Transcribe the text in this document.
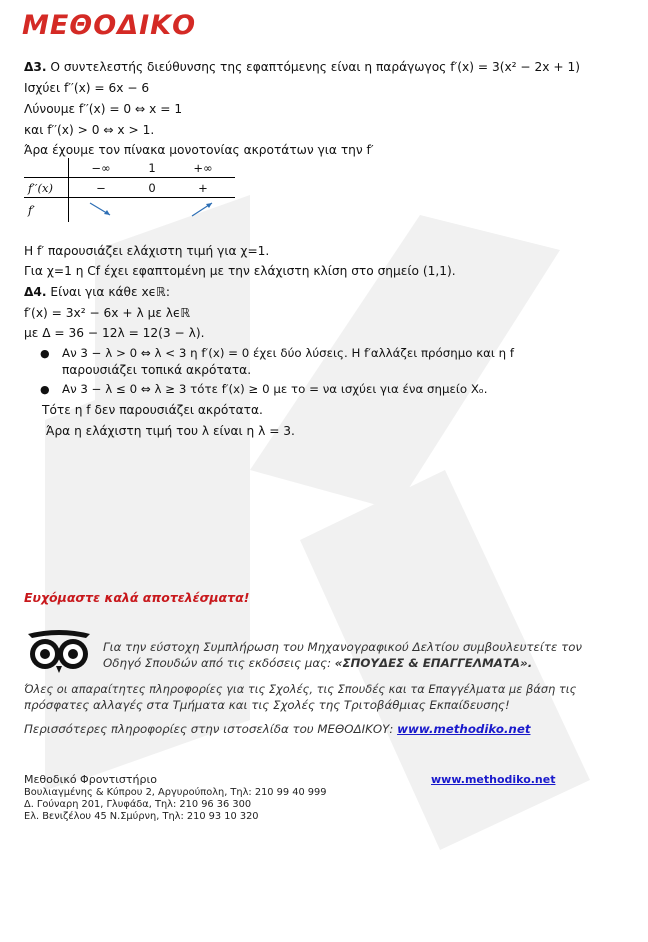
ΜΕΘΟΔΙΚΟ
Δ3. Ο συντελεστής διεύθυνσης της εφαπτόμενης είναι η παράγωγος f′(x) = 3(x² − 2x + 1)
Ισχύει f′′(x) = 6x − 6
Λύνουμε f′′(x) = 0 ⇔ x = 1
και f′′(x) > 0 ⇔ x > 1.
Άρα έχουμε τον πίνακα μονοτονίας ακροτάτων για την f′
	−∞	1	+∞
f′′(x)	−	0	+
f′			
Η f′ παρουσιάζει ελάχιστη τιμή για χ=1.
Για χ=1 η Cf έχει εφαπτομένη με την ελάχιστη κλίση στο σημείο (1,1).
Δ4. Είναι για κάθε xϵℝ:
f′(x) = 3x² − 6x + λ με λϵℝ
με Δ = 36 − 12λ = 12(3 − λ).
● Αν 3 − λ > 0 ⇔ λ < 3 η f′(x) = 0 έχει δύο λύσεις. Η f′αλλάζει πρόσημο και η f
παρουσιάζει τοπικά ακρότατα.
● Αν 3 − λ ≤ 0 ⇔ λ ≥ 3 τότε f′(x) ≥ 0 με το = να ισχύει για ένα σημείο Xₒ.
Τότε η f δεν παρουσιάζει ακρότατα.
Άρα η ελάχιστη τιμή του λ είναι η λ = 3.
Ευχόμαστε καλά αποτελέσματα!
Για την εύστοχη Συμπλήρωση του Μηχανογραφικού Δελτίου συμβουλευτείτε τον
Οδηγό Σπουδών από τις εκδόσεις μας: «ΣΠΟΥΔΕΣ & ΕΠΑΓΓΕΛΜΑΤΑ».
Όλες οι απαραίτητες πληροφορίες για τις Σχολές, τις Σπουδές και τα Επαγγέλματα με βάση τις
πρόσφατες αλλαγές στα Τμήματα και τις Σχολές της Τριτοβάθμιας Εκπαίδευσης!
Περισσότερες πληροφορίες στην ιστοσελίδα του ΜΕΘΟΔΙΚΟΥ: www.methodiko.net
Μεθοδικό Φροντιστήριο
Βουλιαγμένης & Κύπρου 2, Αργυρούπολη, Τηλ: 210 99 40 999
Δ. Γούναρη 201, Γλυφάδα, Τηλ: 210 96 36 300
Ελ. Βενιζέλου 45 Ν.Σμύρνη, Τηλ: 210 93 10 320
www.methodiko.net
